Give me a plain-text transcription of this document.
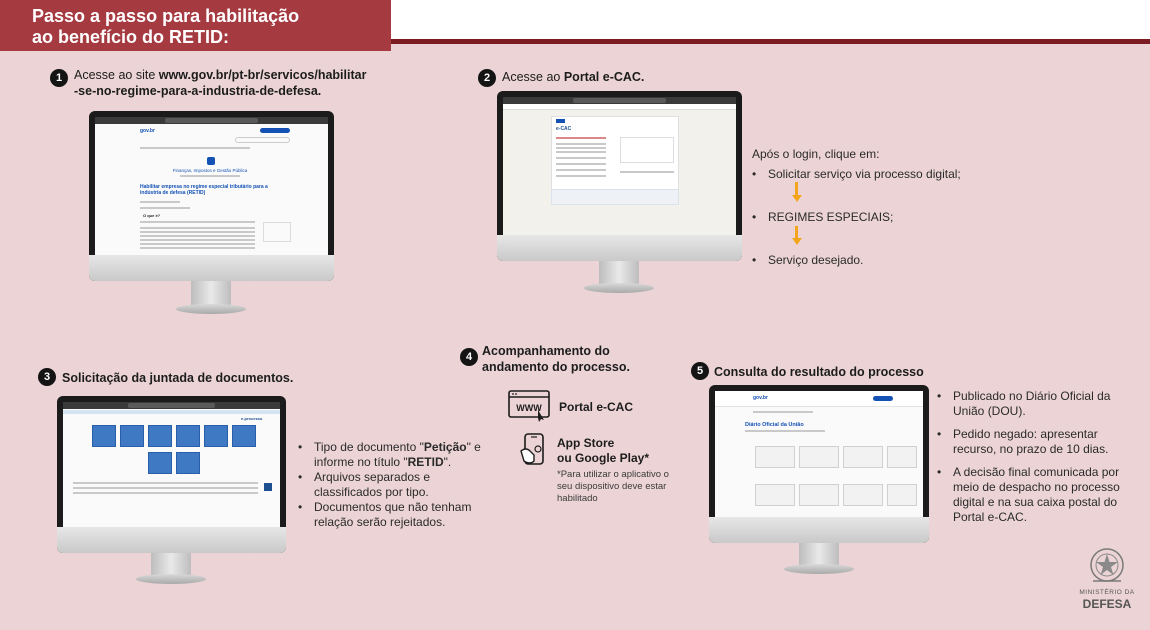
Passo a passo para habilitação
ao benefício do RETID:
1 Acesse ao site www.gov.br/pt-br/servicos/habilitar
-se-no-regime-para-a-industria-de-defesa.
gov.br
Finanças, Impostos e Gestão Pública
Habilitar empresa no regime especial tributário para a indústria de defesa (RETID)
O que é?
2 Acesse ao Portal e-CAC.
e-CAC
Após o login, clique em:
• Solicitar serviço via processo digital;
• REGIMES ESPECIAIS;
• Serviço desejado.
3 Solicitação da juntada de documentos.
e-processo
• Tipo de documento "Petição" e informe no título "RETID".
• Arquivos separados e classificados por tipo.
• Documentos que não tenham relação serão rejeitados.
4 Acompanhamento do
andamento do processo.
WWW Portal e-CAC
App Store
ou Google Play*
*Para utilizar o aplicativo o seu dispositivo deve estar habilitado
5 Consulta do resultado do processo
gov.br
Diário Oficial da União
• Publicado no Diário Oficial da União (DOU).
• Pedido negado: apresentar recurso, no prazo de 10 dias.
• A decisão final comunicada por meio de despacho no processo digital e na sua caixa postal do Portal e-CAC.
MINISTÉRIO DA
DEFESA
